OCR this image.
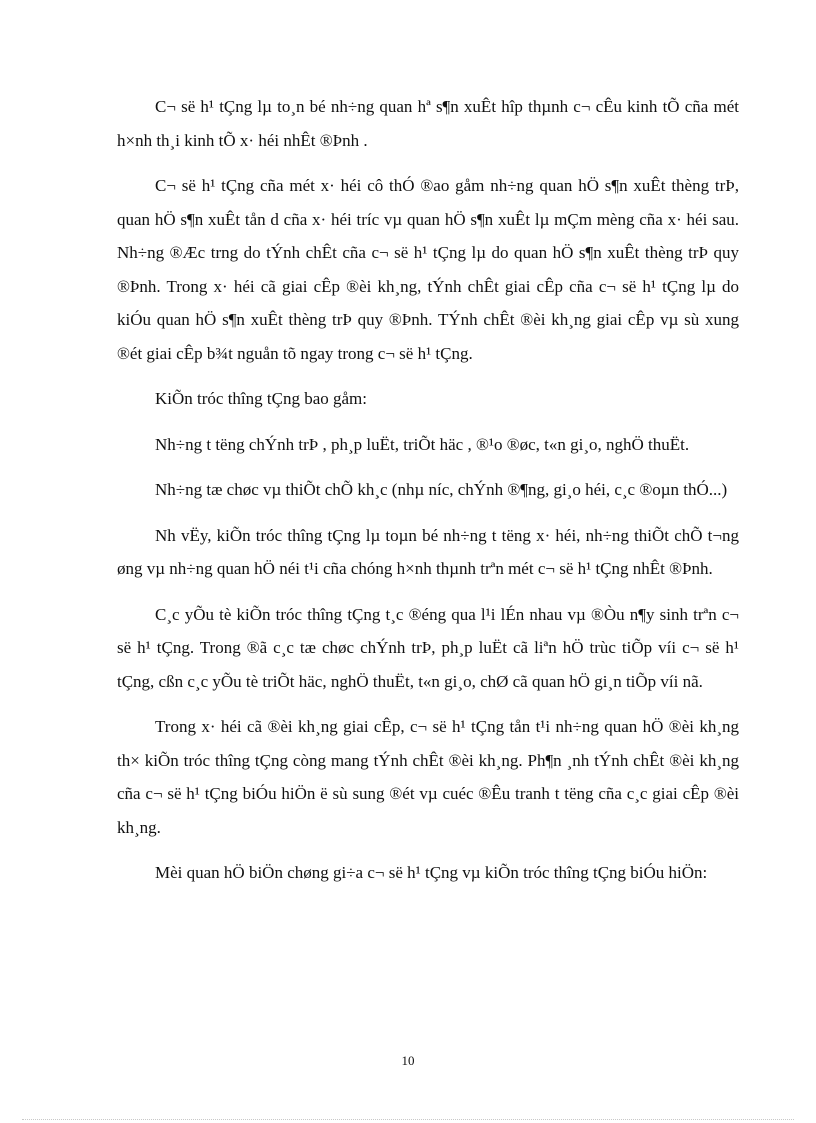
C¬ së h¹ tÇng lµ to¸n bé nh÷ng quan hª s¶n xuÊt hîp thµnh c¬ cÊu kinh tÕ cña mét h×nh th¸i kinh tÕ x· héi nhÊt ®Þnh .

C¬ së h¹ tÇng cña mét x· héi cô thÓ ®ao gåm nh÷ng quan hÖ s¶n xuÊt thèng trÞ, quan hÖ s¶n xuÊt tån d cña x· héi tríc vµ quan hÖ s¶n xuÊt lµ mÇm mèng cña x· héi sau. Nh÷ng ®Æc trng do tÝnh chÊt cña c¬ së h¹ tÇng lµ do quan hÖ s¶n xuÊt thèng trÞ quy ®Þnh. Trong x· héi cã giai cÊp ®èi kh¸ng, tÝnh chÊt giai cÊp cña c¬ së h¹ tÇng lµ do kiÓu quan hÖ s¶n xuÊt thèng trÞ quy ®Þnh. TÝnh chÊt ®èi kh¸ng giai cÊp vµ sù xung ®ét giai cÊp b¾t nguån tõ ngay trong c¬ së h¹ tÇng.

KiÕn tróc thîng tÇng bao gåm:

Nh÷ng t tëng chÝnh trÞ , ph¸p luËt, triÕt häc , ®¹o ®øc, t«n gi¸o, nghÖ thuËt.

Nh÷ng tæ chøc vµ thiÕt chÕ kh¸c (nhµ níc, chÝnh ®¶ng, gi¸o héi, c¸c ®oµn thÓ...)

Nh vËy, kiÕn tróc thîng tÇng lµ toµn bé nh÷ng t tëng x· héi, nh÷ng thiÕt chÕ t¬ng øng vµ nh÷ng quan hÖ néi t¹i cña chóng h×nh thµnh trªn mét c¬ së h¹ tÇng nhÊt ®Þnh.

C¸c yÕu tè kiÕn tróc thîng tÇng t¸c ®éng qua l¹i lÉn nhau vµ ®Òu n¶y sinh trªn c¬ së h¹ tÇng. Trong ®ã c¸c tæ chøc chÝnh trÞ, ph¸p luËt cã liªn hÖ trùc tiÕp víi c¬ së h¹ tÇng, cßn c¸c yÕu tè triÕt häc, nghÖ thuËt, t«n gi¸o, chØ cã quan hÖ gi¸n tiÕp víi nã.

Trong x· héi cã ®èi kh¸ng giai cÊp, c¬ së h¹ tÇng tån t¹i nh÷ng quan hÖ ®èi kh¸ng th× kiÕn tróc thîng tÇng còng mang tÝnh chÊt ®èi kh¸ng. Ph¶n ¸nh tÝnh chÊt ®èi kh¸ng cña c¬ së h¹ tÇng biÓu hiÖn ë sù sung ®ét vµ cuéc ®Êu tranh t tëng cña c¸c giai cÊp ®èi kh¸ng.

Mèi quan hÖ biÖn chøng gi÷a c¬ së h¹ tÇng vµ kiÕn tróc thîng tÇng biÓu hiÖn:

10
